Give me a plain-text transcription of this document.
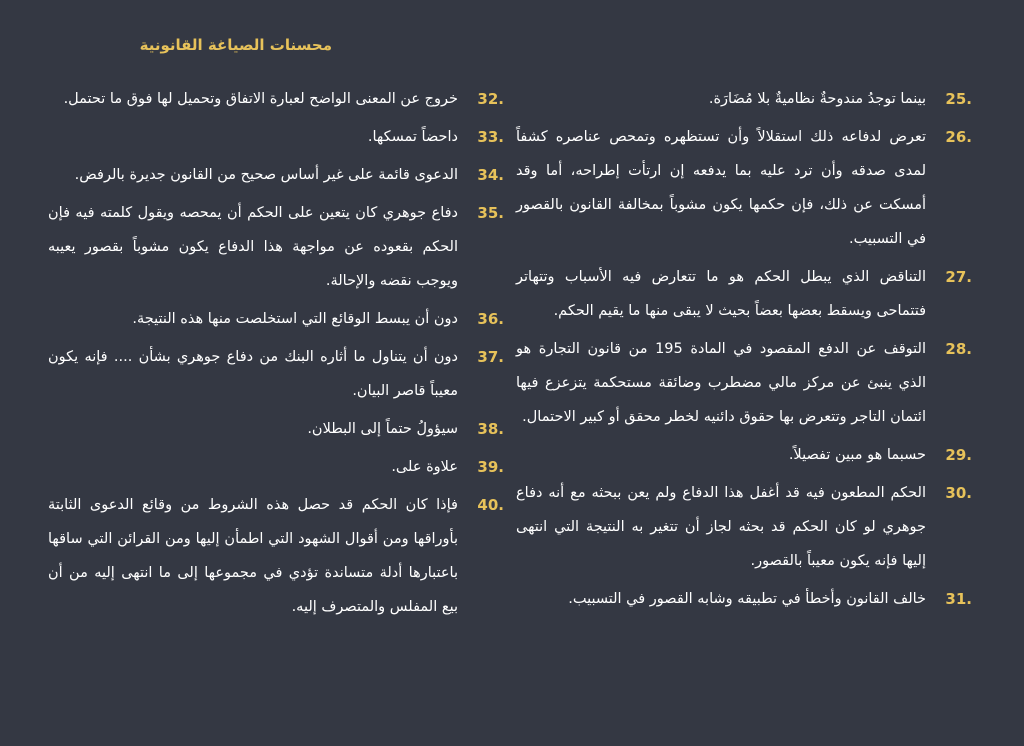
محسنات الصياغة القانونية
25.
بينما توجدُ مندوحةٌ نظاميةٌ بلا مُضَارَة.
26.
تعرض لدفاعه ذلك استقلالاً وأن تستظهره وتمحص عناصره كشفاً لمدى صدقه وأن ترد عليه بما يدفعه إن ارتأت إطراحه، أما وقد أمسكت عن ذلك، فإن حكمها يكون مشوباً بمخالفة القانون بالقصور في التسبيب.
27.
التناقض الذي يبطل الحكم هو ما تتعارض فيه الأسباب وتتهاتر فتتماحى ويسقط بعضها بعضاً بحيث لا يبقى منها ما يقيم الحكم.
28.
التوقف عن الدفع المقصود في المادة 195 من قانون التجارة هو الذي ينبئ عن مركز مالي مضطرب وضائقة مستحكمة يتزعزع فيها ائتمان التاجر وتتعرض بها حقوق دائنيه لخطر محقق أو كبير الاحتمال.
29.
حسبما هو مبين تفصيلاً.
30.
الحكم المطعون فيه قد أغفل هذا الدفاع ولم يعن ببحثه مع أنه دفاع جوهري لو كان الحكم قد بحثه لجاز أن تتغير به النتيجة التي انتهى إليها فإنه يكون معيباً بالقصور.
31.
خالف القانون وأخطأ في تطبيقه وشابه القصور في التسبيب.
32.
خروج عن المعنى الواضح لعبارة الاتفاق وتحميل لها فوق ما تحتمل.
33.
داحضاً تمسكها.
34.
الدعوى قائمة على غير أساس صحيح من القانون جديرة بالرفض.
35.
دفاع جوهري كان يتعين على الحكم أن يمحصه ويقول كلمته فيه فإن الحكم بقعوده عن مواجهة هذا الدفاع يكون مشوباً بقصور يعيبه ويوجب نقضه والإحالة.
36.
دون أن يبسط الوقائع التي استخلصت منها هذه النتيجة.
37.
دون أن يتناول ما أثاره البنك من دفاع جوهري بشأن .... فإنه يكون معيباً قاصر البيان.
38.
سيؤولُ حتماً إلى البطلان.
39.
علاوة على.
40.
فإذا كان الحكم قد حصل هذه الشروط من وقائع الدعوى الثابتة بأوراقها ومن أقوال الشهود التي اطمأن إليها ومن القرائن التي ساقها باعتبارها أدلة متساندة تؤدي في مجموعها إلى ما انتهى إليه من أن بيع المفلس والمتصرف إليه.
